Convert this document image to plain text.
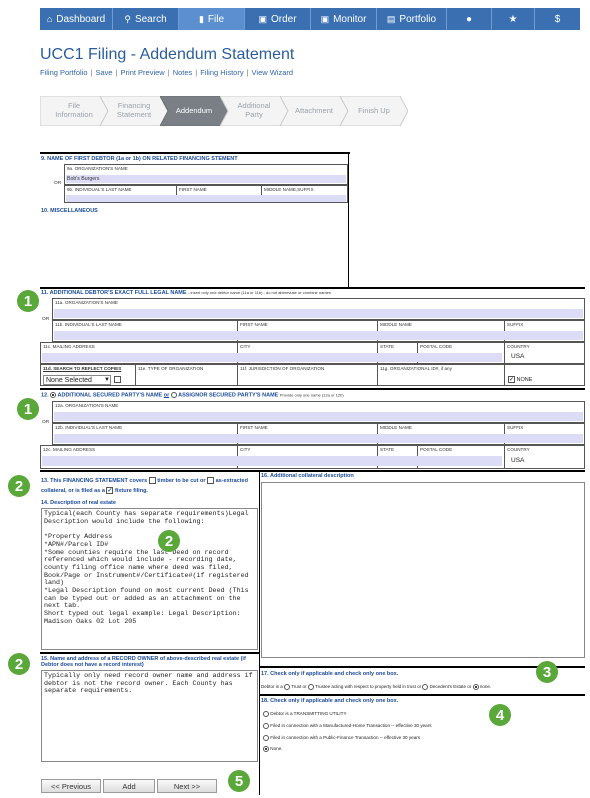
⌂ Dashboard ⚲ Search	▮ File	▣ Order	▣ Monitor ▤ Portfolio	●	★	$
UCC1 Filing - Addendum Statement
Filing Portfolio | Save | Print Preview | Notes | Filing History | View Wizard
File Information
Financing Statement	Addendum	Additional Party	Attachment	Finish Up
9. NAME OF FIRST DEBTOR (1a or 1b) ON RELATED FINANCING STEMENT
OR
9a. ORGANIZATION'S NAME
Bob's Burgers
9b. INDIVIDUAL'S LAST NAME	FIRST NAME	MIDDLE NAME,SUFFIX
10. MISCELLANEOUS
11. ADDITIONAL DEBTOR'S EXACT FULL LEGAL NAME - insert only one debtor name (11a or 11b) - do not abbreviate or combine names
1	11a. ORGANIZATION'S NAME
OR
11b. INDIVIDUAL'S LAST NAME	FIRST NAME	MIDDLE NAME	SUFFIX
11c. MAILING ADDRESS	CITY	STATE	POSTAL CODE	COUNTRY
USA
11d. SEARCH TO REFLECT COPIES
None Selected ▼
11e. TYPE OF ORGANIZATION	11f. JURISDICTION OF ORGANIZATION	11g. ORGANIZATIONAL ID#, if any
✓ NONE
1
12. ADDITIONAL SECURED PARTY'S NAME or ASSIGNOR SECURED PARTY'S NAME Provide only one name (12a or 12b)
12a. ORGANIZATION'S NAME
OR
12b. INDIVIDUAL'S LAST NAME	FIRST NAME	MIDDLE NAME	SUFFIX
12c. MAILING ADDRESS	CITY	STATE	POSTAL CODE	COUNTRY
USA
2	13. This FINANCING STATEMENT covers timber to be cut or as-extracted collateral, or is filed as a ✓ fixture filing.
14. Description of real estate
Typical(each County has separate requirements)Legal Description would include the following: *Property Address *APN#/Parcel ID# *Some counties require the last Deed on record referenced which would include - recording date, county filing office name where deed was filed, Book/Page or Instrument#/Certificate#(if registered land) *Legal Description found on most current Deed (This can be typed out or added as an attachment on the next tab. Short typed out legal example: Legal Description: Madison Oaks 02 Lot 205
2
2	15. Name and address of a RECORD OWNER of above-described real estate (if Debtor does not have a record interest)
Typically only need record owner name and address if debtor is not the record owner. Each County has separate requirements.
16. Additional collateral description
3
17. Check only if applicable and check only one box.
Debtor is a Trust or Trustee acting with respect to property held in trust or Decedent's Estate or none.
4
18. Check only if applicable and check only one box.
Debtor is a TRANSMITTING UTILITY
Filed in connection with a Manufactured-Home Transaction -- effective 30 years
Filed in connection with a Public-Finance Transaction -- effective 30 years
None.
<< Previous	Add	Next >>	5
